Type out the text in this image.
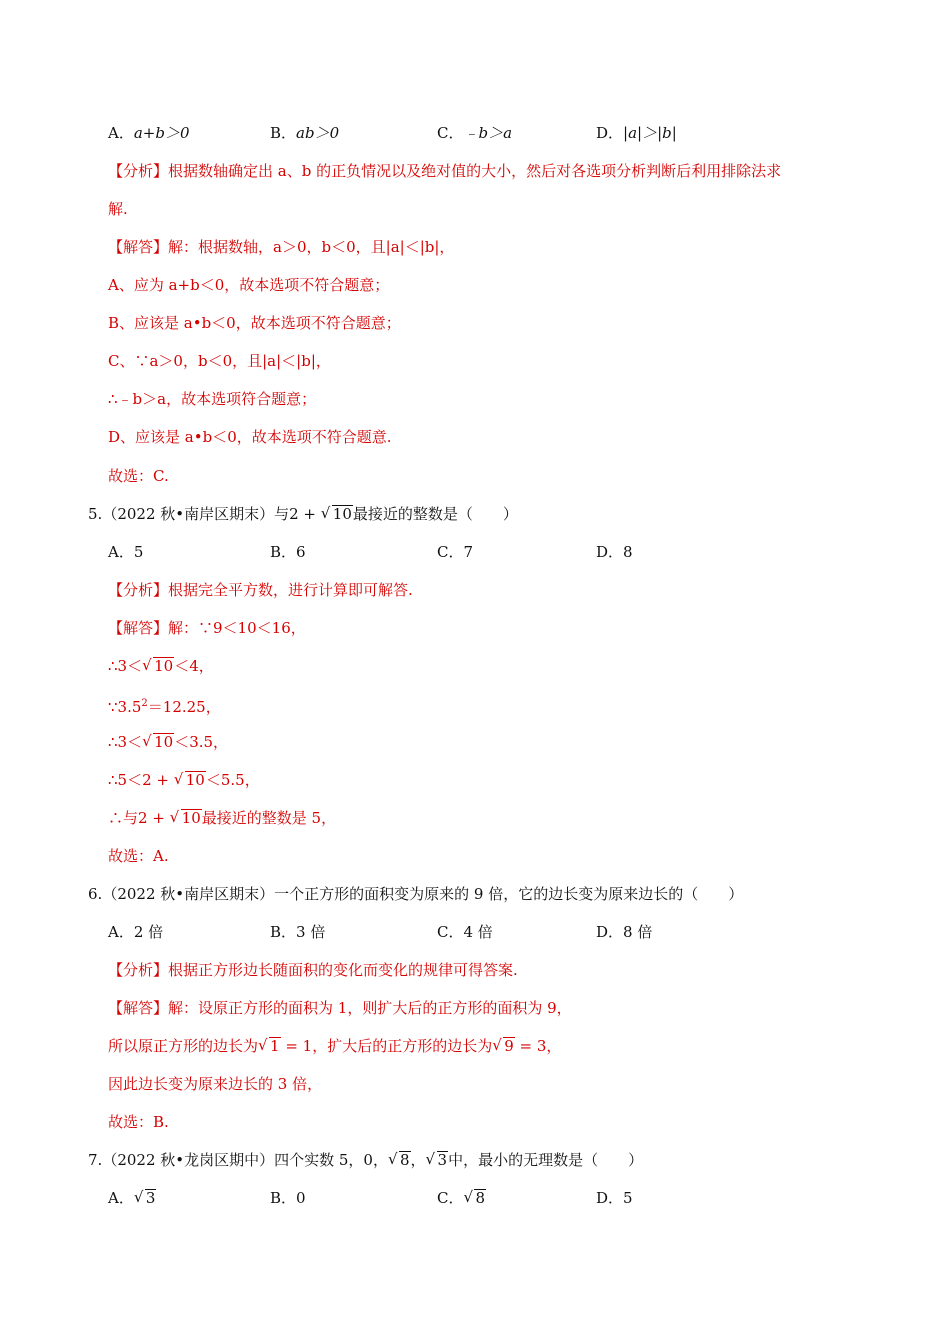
A．a+b＞0	B．ab＞0	C．﹣b＞a	D．|a|＞|b|
【分析】根据数轴确定出 a、b 的正负情况以及绝对值的大小，然后对各选项分析判断后利用排除法求
解.
【解答】解：根据数轴，a＞0，b＜0，且|a|＜|b|，
A、应为 a+b＜0，故本选项不符合题意；
B、应该是 a•b＜0，故本选项不符合题意；
C、∵a＞0，b＜0，且|a|＜|b|，
∴﹣b＞a，故本选项符合题意；
D、应该是 a•b＜0，故本选项不符合题意.
故选：C.
5.（2022 秋•南岸区期末）与2 + √ 10最接近的整数是（　　）
A．5	B．6	C．7	D．8
【分析】根据完全平方数，进行计算即可解答.
【解答】解：∵9＜10＜16，
∴3＜ √ 10＜4，
$\because 3.5^2=12.25$，
∴3＜ √ 10＜3.5，
∴5＜2 + √ 10＜5.5，
∴与2 + √ 10最接近的整数是 5，
故选：A.
6.（2022 秋•南岸区期末）一个正方形的面积变为原来的 9 倍，它的边长变为原来边长的（　　）
A．2 倍	B．3 倍	C．4 倍	D．8 倍
【分析】根据正方形边长随面积的变化而变化的规律可得答案.
【解答】解：设原正方形的面积为 1，则扩大后的正方形的面积为 9，
所以原正方形的边长为 √ 1 = 1，扩大后的正方形的边长为 √ 9 = 3，
因此边长变为原来边长的 3 倍，
故选：B.
7.（2022 秋•龙岗区期中）四个实数 5，0， √ 8， √ 3中，最小的无理数是（　　）
A． √ 3	B．0	C． √ 8	D．5
